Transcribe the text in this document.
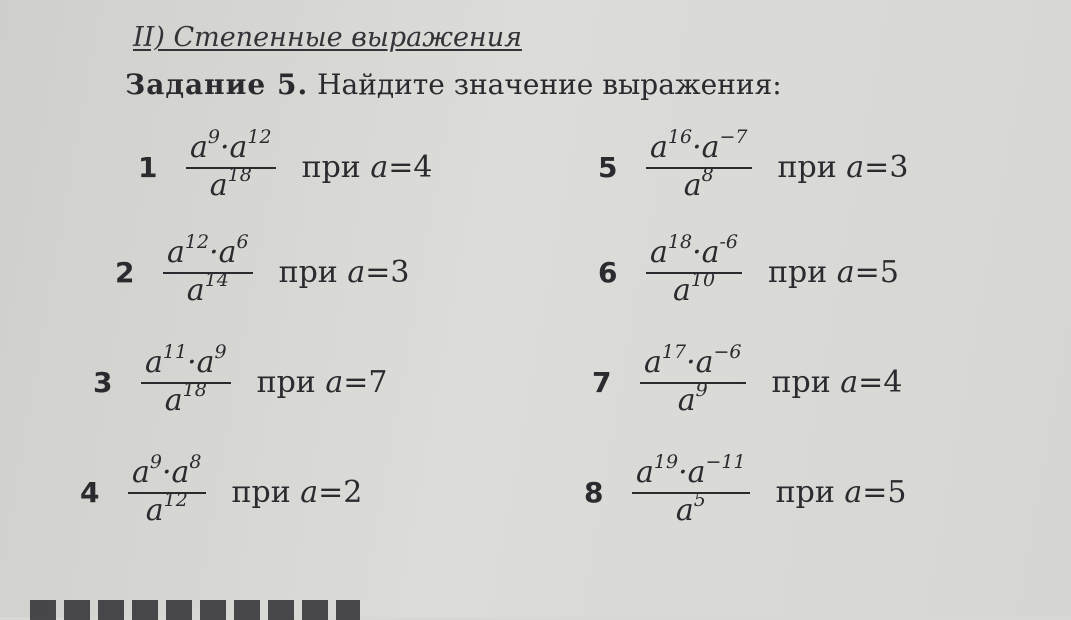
II) Степенные выражения
Задание 5. Найдите значение выражения:
$1 \frac{a^9\cdot a^{12}}{a^{18}}$ при a=4
$2 \frac{a^{12}\cdot a^6}{a^{14}}$ при a=3
$3 \frac{a^{11}\cdot a^9}{a^{18}}$ при a=7
$4 \frac{a^9\cdot a^8}{a^{12}}$ при a=2
$5 \frac{a^{16}\cdot a^{-7}}{a^8}$ при a=3
$6 \frac{a^{18}\cdot a^{-6}}{a^{10}}$ при a=5
$7 \frac{a^{17}\cdot a^{-6}}{a^9}$ при a=4
$8 \frac{a^{19}\cdot a^{-11}}{a^5}$ при a=5
